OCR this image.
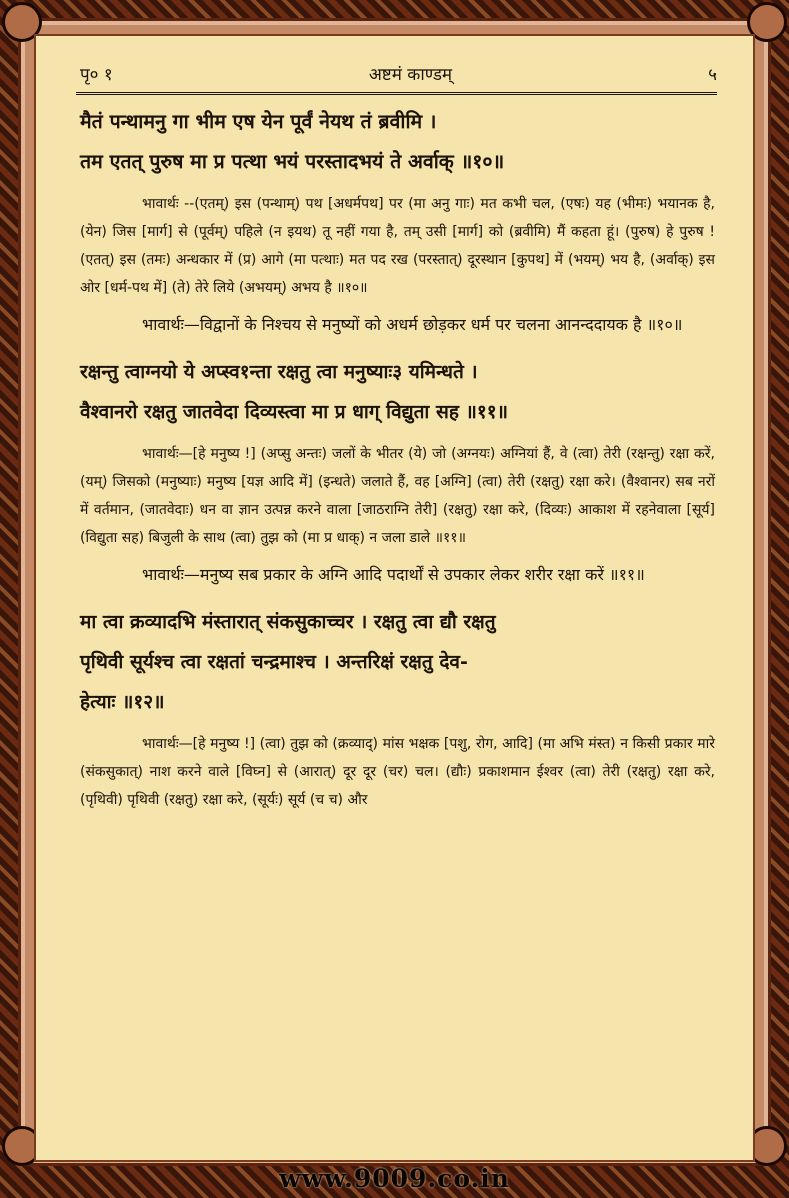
पृ० १	अष्टमं काण्डम्	५

मैतं पन्थामनु गा भीम एष येन पूर्वं नेयथ तं ब्रवीमि ।

तम एतत् पुरुष मा प्र पत्था भयं परस्तादभयं ते अर्वाक् ॥१०॥

भावार्थः --(एतम्) इस (पन्थाम्) पथ [अधर्मपथ] पर (मा अनु गाः) मत कभी चल, (एषः) यह (भीमः) भयानक है, (येन) जिस [मार्ग] से (पूर्वम्) पहिले (न इयथ) तू नहीं गया है, तम् उसी [मार्ग] को (ब्रवीमि) मैं कहता हूं। (पुरुष) हे पुरुष ! (एतत्) इस (तमः) अन्धकार में (प्र) आगे (मा पत्थाः) मत पद रख (परस्तात्) दूरस्थान [कुपथ] में (भयम्) भय है, (अर्वाक्) इस ओर [धर्म-पथ में] (ते) तेरे लिये (अभयम्) अभय है ॥१०॥

भावार्थः—विद्वानों के निश्चय से मनुष्यों को अधर्म छोड़कर धर्म पर चलना आनन्ददायक है ॥१०॥

रक्षन्तु त्वाग्नयो ये अप्स्व१न्ता रक्षतु त्वा मनुष्याः३ यमिन्धते ।

वैश्वानरो रक्षतु जातवेदा दिव्यस्त्वा मा प्र धाग् विद्युता सह ॥११॥

भावार्थः—[हे मनुष्य !] (अप्सु अन्तः) जलों के भीतर (ये) जो (अग्नयः) अग्नियां हैं, वे (त्वा) तेरी (रक्षन्तु) रक्षा करें, (यम्) जिसको (मनुष्याः) मनुष्य [यज्ञ आदि में] (इन्धते) जलाते हैं, वह [अग्नि] (त्वा) तेरी (रक्षतु) रक्षा करे। (वैश्वानर) सब नरों में वर्तमान, (जातवेदाः) धन वा ज्ञान उत्पन्न करने वाला [जाठराग्नि तेरी] (रक्षतु) रक्षा करे, (दिव्यः) आकाश में रहनेवाला [सूर्य] (विद्युता सह) बिजुली के साथ (त्वा) तुझ को (मा प्र धाक्) न जला डाले ॥११॥

भावार्थः—मनुष्य सब प्रकार के अग्नि आदि पदार्थों से उपकार लेकर शरीर रक्षा करें ॥११॥

मा त्वा क्रव्यादभि मंस्तारात् संकसुकाच्चर । रक्षतु त्वा द्यौ रक्षतु

पृथिवी सूर्यश्च त्वा रक्षतां चन्द्रमाश्च । अन्तरिक्षं रक्षतु देव-

हेत्याः ॥१२॥

भावार्थः—[हे मनुष्य !] (त्वा) तुझ को (क्रव्याद्) मांस भक्षक [पशु, रोग, आदि] (मा अभि मंस्त) न किसी प्रकार मारे (संकसुकात्) नाश करने वाले [विघ्न] से (आरात्) दूर दूर (चर) चल। (द्यौः) प्रकाशमान ईश्वर (त्वा) तेरी (रक्षतु) रक्षा करे, (पृथिवी) पृथिवी (रक्षतु) रक्षा करे, (सूर्यः) सूर्य (च च) और

www.9009.co.in
